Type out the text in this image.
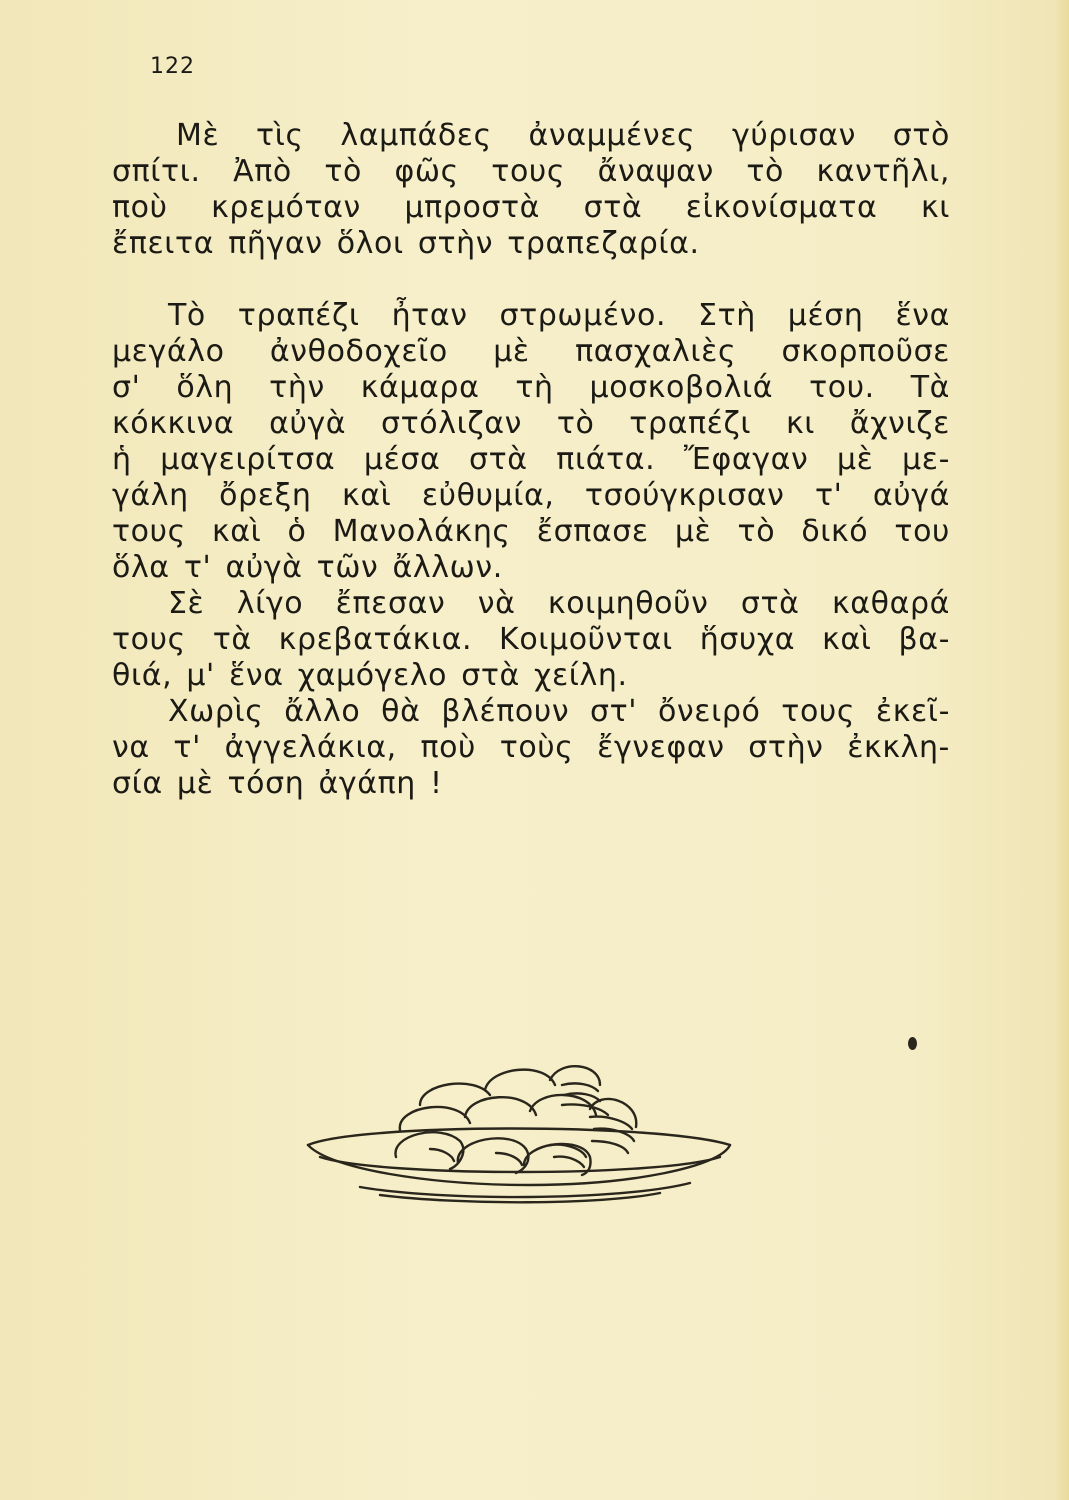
122
Μὲ τὶς λαμπάδες ἀναμμένες γύρισαν στὸ
σπίτι. Ἀπὸ τὸ φῶς τους ἄναψαν τὸ καντῆλι,
ποὺ κρεμόταν μπροστὰ στὰ εἰκονίσματα κι
ἔπειτα πῆγαν ὅλοι στὴν τραπεζαρία.
Τὸ τραπέζι ἦταν στρωμένο. Στὴ μέση ἕνα
μεγάλο ἀνθοδοχεῖο μὲ πασχαλιὲς σκορποῦσε
σ' ὅλη τὴν κάμαρα τὴ μοσκοβολιά του. Τὰ
κόκκινα αὐγὰ στόλιζαν τὸ τραπέζι κι ἄχνιζε
ἡ μαγειρίτσα μέσα στὰ πιάτα. Ἔφαγαν μὲ με-
γάλη ὄρεξη καὶ εὐθυμία, τσούγκρισαν τ' αὐγά
τους καὶ ὁ Μανολάκης ἔσπασε μὲ τὸ δικό του
ὅλα τ' αὐγὰ τῶν ἄλλων.
Σὲ λίγο ἔπεσαν νὰ κοιμηθοῦν στὰ καθαρά
τους τὰ κρεβατάκια. Κοιμοῦνται ἥσυχα καὶ βα-
θιά, μ' ἕνα χαμόγελο στὰ χείλη.
Χωρὶς ἄλλο θὰ βλέπουν στ' ὄνειρό τους ἐκεῖ-
να τ' ἀγγελάκια, ποὺ τοὺς ἔγνεφαν στὴν ἐκκλη-
σία μὲ τόση ἀγάπη !
